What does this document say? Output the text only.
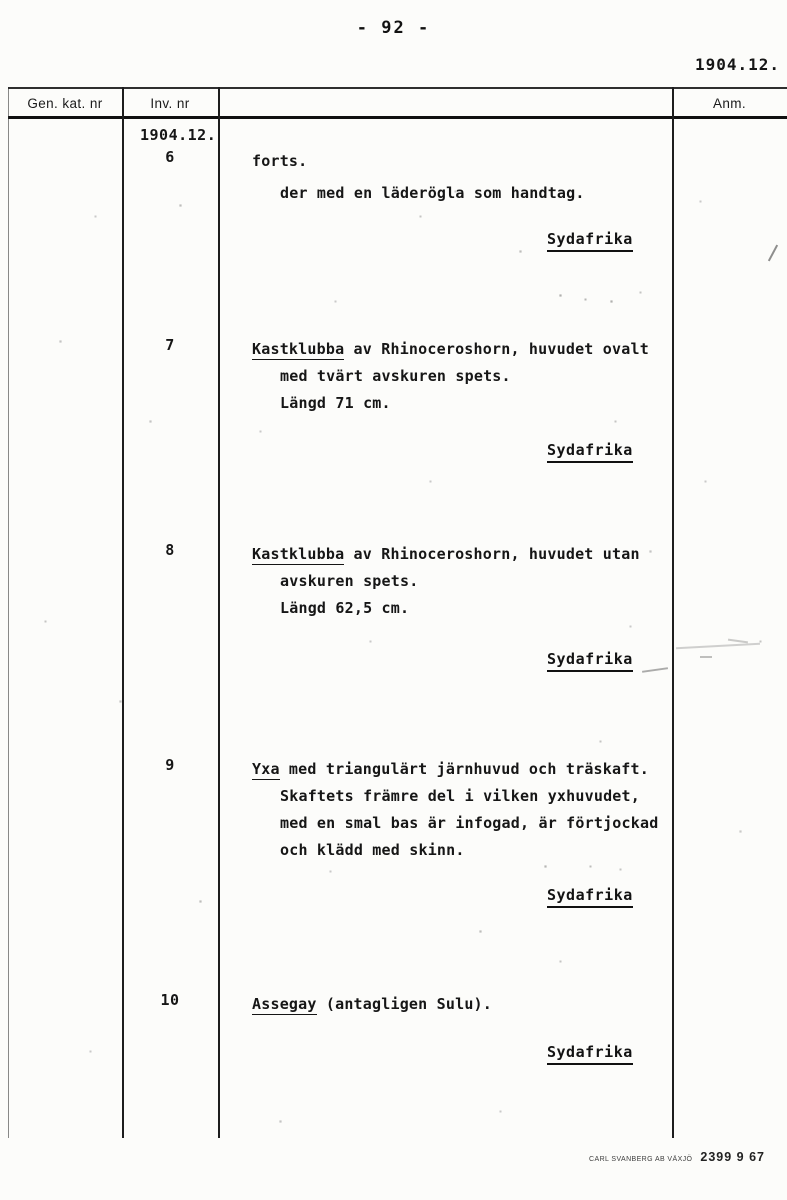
- 92 -
1904.12.
Gen. kat. nr	Inv. nr	Anm.
1904.12.
6	forts.
der med en läderögla som handtag.
Sydafrika
7	Kastklubba av Rhinoceroshorn, huvudet ovalt
med tvärt avskuren spets.
Längd 71 cm.
Sydafrika
8	Kastklubba av Rhinoceroshorn, huvudet utan
avskuren spets.
Längd 62,5 cm.
Sydafrika
9	Yxa med triangulärt järnhuvud och träskaft.
Skaftets främre del i vilken yxhuvudet,
med en smal bas är infogad, är förtjockad
och klädd med skinn.
Sydafrika
10	Assegay (antagligen Sulu).
Sydafrika
CARL SVANBERG AB VÄXJÖ 2399 9 67
